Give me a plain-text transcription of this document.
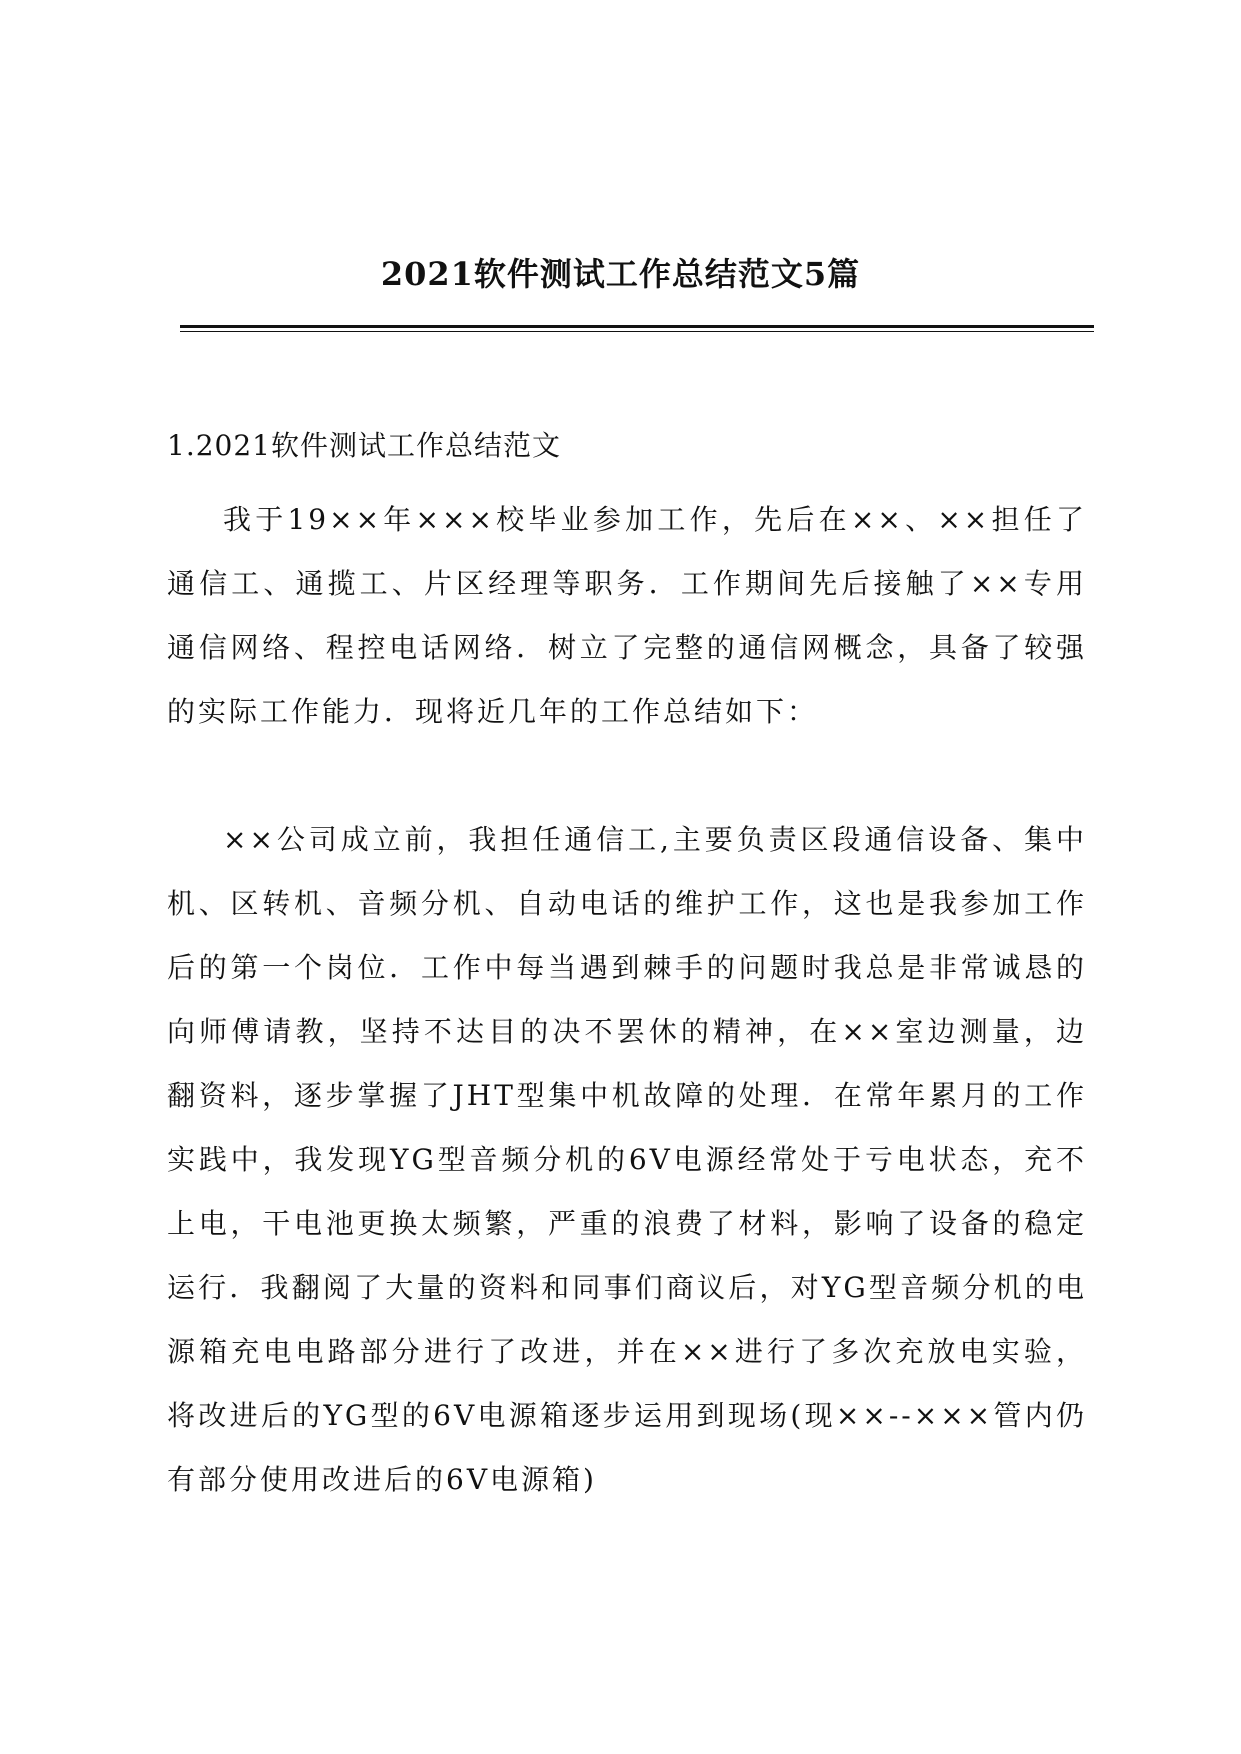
2021软件测试工作总结范文5篇

1.2021软件测试工作总结范文

我于19××年×××校毕业参加工作，先后在××、××担任了通信工、通揽工、片区经理等职务．工作期间先后接触了××专用通信网络、程控电话网络．树立了完整的通信网概念，具备了较强的实际工作能力．现将近几年的工作总结如下：

××公司成立前，我担任通信工,主要负责区段通信设备、集中机、区转机、音频分机、自动电话的维护工作，这也是我参加工作后的第一个岗位．工作中每当遇到棘手的问题时我总是非常诚恳的向师傅请教，坚持不达目的决不罢休的精神，在××室边测量，边翻资料，逐步掌握了JHT型集中机故障的处理．在常年累月的工作实践中，我发现YG型音频分机的6V电源经常处于亏电状态，充不上电，干电池更换太频繁，严重的浪费了材料，影响了设备的稳定运行．我翻阅了大量的资料和同事们商议后，对YG型音频分机的电源箱充电电路部分进行了改进，并在××进行了多次充放电实验，将改进后的YG型的6V电源箱逐步运用到现场(现××--×××管内仍有部分使用改进后的6V电源箱)
